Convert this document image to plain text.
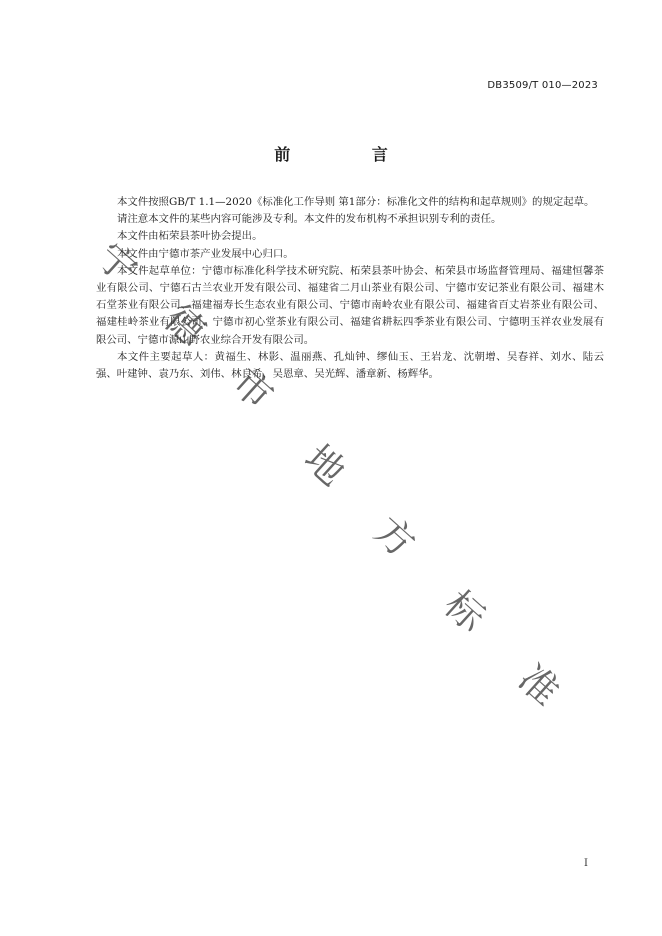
DB3509/T 010—2023
前 言

本文件按照GB/T 1.1—2020《标准化工作导则 第1部分：标准化文件的结构和起草规则》的规定起草。

请注意本文件的某些内容可能涉及专利。本文件的发布机构不承担识别专利的责任。

本文件由柘荣县茶叶协会提出。

本文件由宁德市茶产业发展中心归口。

本文件起草单位：宁德市标准化科学技术研究院、柘荣县茶叶协会、柘荣县市场监督管理局、福建恒馨茶业有限公司、宁德石古兰农业开发有限公司、福建省二月山茶业有限公司、宁德市安记茶业有限公司、福建木石堂茶业有限公司、福建福寿长生态农业有限公司、宁德市南岭农业有限公司、福建省百丈岩茶业有限公司、福建桂岭茶业有限公司、宁德市初心堂茶业有限公司、福建省耕耘四季茶业有限公司、宁德明玉祥农业发展有限公司、宁德市源山野农业综合开发有限公司。

本文件主要起草人：黄福生、林影、温丽燕、孔灿钟、缪仙玉、王岩龙、沈朝增、吴春祥、刘水、陆云强、叶建钟、袁乃东、刘伟、林良希、吴恩章、吴光辉、潘章新、杨辉华。

宁
德
市
地
方
标
准
I
